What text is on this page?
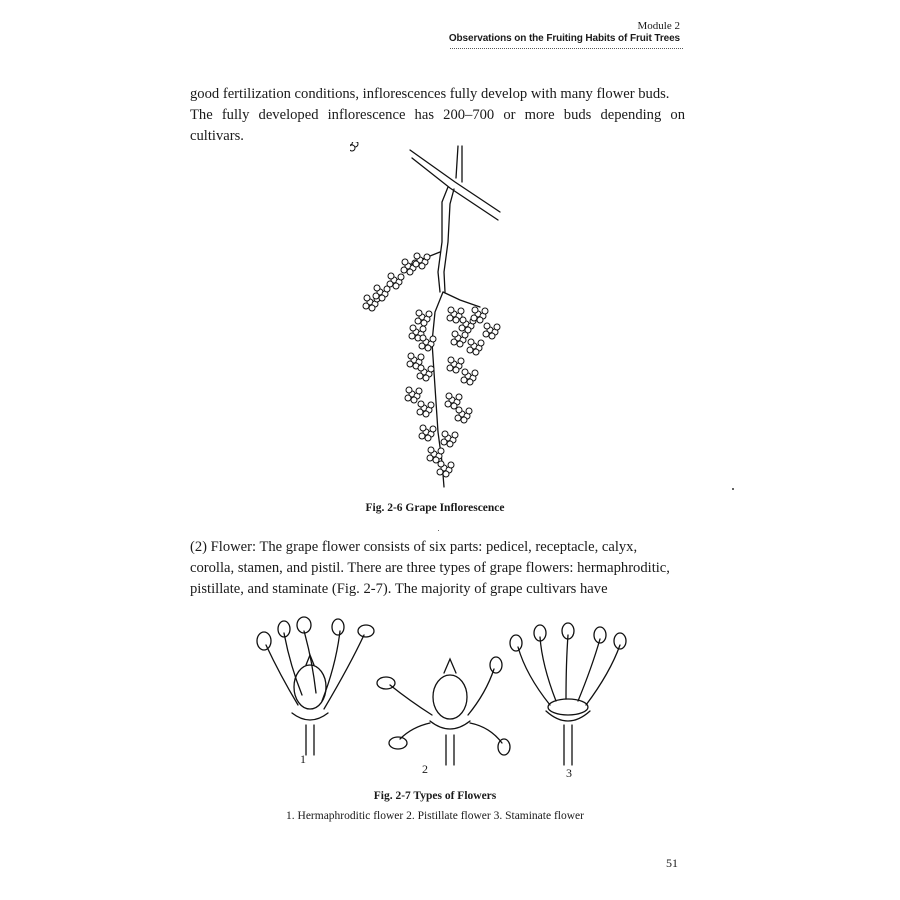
Module 2
Observations on the Fruiting Habits of Fruit Trees

good fertilization conditions, inflorescences fully develop with many flower buds.
The fully developed inflorescence has 200–700 or more buds depending on cultivars.

Fig. 2-6 Grape Inflorescence

(2) Flower: The grape flower consists of six parts: pedicel, receptacle, calyx,
corolla, stamen, and pistil. There are three types of grape flowers: hermaphroditic,
pistillate, and staminate (Fig. 2-7). The majority of grape cultivars have

1
2	3
Fig. 2-7 Types of Flowers
1. Hermaphroditic flower 2. Pistillate flower 3. Staminate flower
51
